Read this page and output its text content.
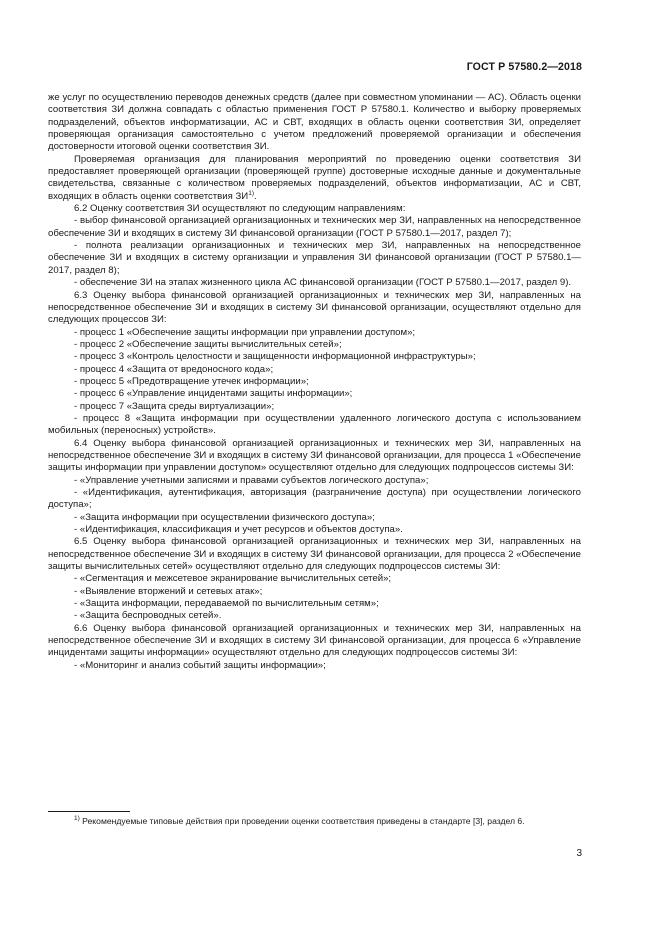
ГОСТ Р 57580.2—2018

же услуг по осуществлению переводов денежных средств (далее при совместном упоминании — АС). Область оценки соответствия ЗИ должна совпадать с областью применения ГОСТ Р 57580.1. Количество и выборку проверяемых подразделений, объектов информатизации, АС и СВТ, входящих в область оценки соответствия ЗИ, определяет проверяющая организация самостоятельно с учетом предложений проверяемой организации и обеспечения достоверности итоговой оценки соответствия ЗИ.

Проверяемая организация для планирования мероприятий по проведению оценки соответствия ЗИ предоставляет проверяющей организации (проверяющей группе) достоверные исходные данные и документальные свидетельства, связанные с количеством проверяемых подразделений, объектов информатизации, АС и СВТ, входящих в область оценки соответствия ЗИ$^{1)}$.

6.2 Оценку соответствия ЗИ осуществляют по следующим направлениям:

- выбор финансовой организацией организационных и технических мер ЗИ, направленных на непосредственное обеспечение ЗИ и входящих в систему ЗИ финансовой организации (ГОСТ Р 57580.1—2017, раздел 7);

- полнота реализации организационных и технических мер ЗИ, направленных на непосредственное обеспечение ЗИ и входящих в систему организации и управления ЗИ финансовой организации (ГОСТ Р 57580.1—2017, раздел 8);

- обеспечение ЗИ на этапах жизненного цикла АС финансовой организации (ГОСТ Р 57580.1—2017, раздел 9).

6.3 Оценку выбора финансовой организацией организационных и технических мер ЗИ, направленных на непосредственное обеспечение ЗИ и входящих в систему ЗИ финансовой организации, осуществляют отдельно для следующих процессов ЗИ:

- процесс 1 «Обеспечение защиты информации при управлении доступом»;

- процесс 2 «Обеспечение защиты вычислительных сетей»;

- процесс 3 «Контроль целостности и защищенности информационной инфраструктуры»;

- процесс 4 «Защита от вредоносного кода»;

- процесс 5 «Предотвращение утечек информации»;

- процесс 6 «Управление инцидентами защиты информации»;

- процесс 7 «Защита среды виртуализации»;

- процесс 8 «Защита информации при осуществлении удаленного логического доступа с использованием мобильных (переносных) устройств».

6.4 Оценку выбора финансовой организацией организационных и технических мер ЗИ, направленных на непосредственное обеспечение ЗИ и входящих в систему ЗИ финансовой организации, для процесса 1 «Обеспечение защиты информации при управлении доступом» осуществляют отдельно для следующих подпроцессов системы ЗИ:

- «Управление учетными записями и правами субъектов логического доступа»;

- «Идентификация, аутентификация, авторизация (разграничение доступа) при осуществлении логического доступа»;

- «Защита информации при осуществлении физического доступа»;

- «Идентификация, классификация и учет ресурсов и объектов доступа».

6.5 Оценку выбора финансовой организацией организационных и технических мер ЗИ, направленных на непосредственное обеспечение ЗИ и входящих в систему ЗИ финансовой организации, для процесса 2 «Обеспечение защиты вычислительных сетей» осуществляют отдельно для следующих подпроцессов системы ЗИ:

- «Сегментация и межсетевое экранирование вычислительных сетей»;

- «Выявление вторжений и сетевых атак»;

- «Защита информации, передаваемой по вычислительным сетям»;

- «Защита беспроводных сетей».

6.6 Оценку выбора финансовой организацией организационных и технических мер ЗИ, направленных на непосредственное обеспечение ЗИ и входящих в систему ЗИ финансовой организации, для процесса 6 «Управление инцидентами защиты информации» осуществляют отдельно для следующих подпроцессов системы ЗИ:

- «Мониторинг и анализ событий защиты информации»;

$^{1)}$ Рекомендуемые типовые действия при проведении оценки соответствия приведены в стандарте [3], раздел 6.
3
